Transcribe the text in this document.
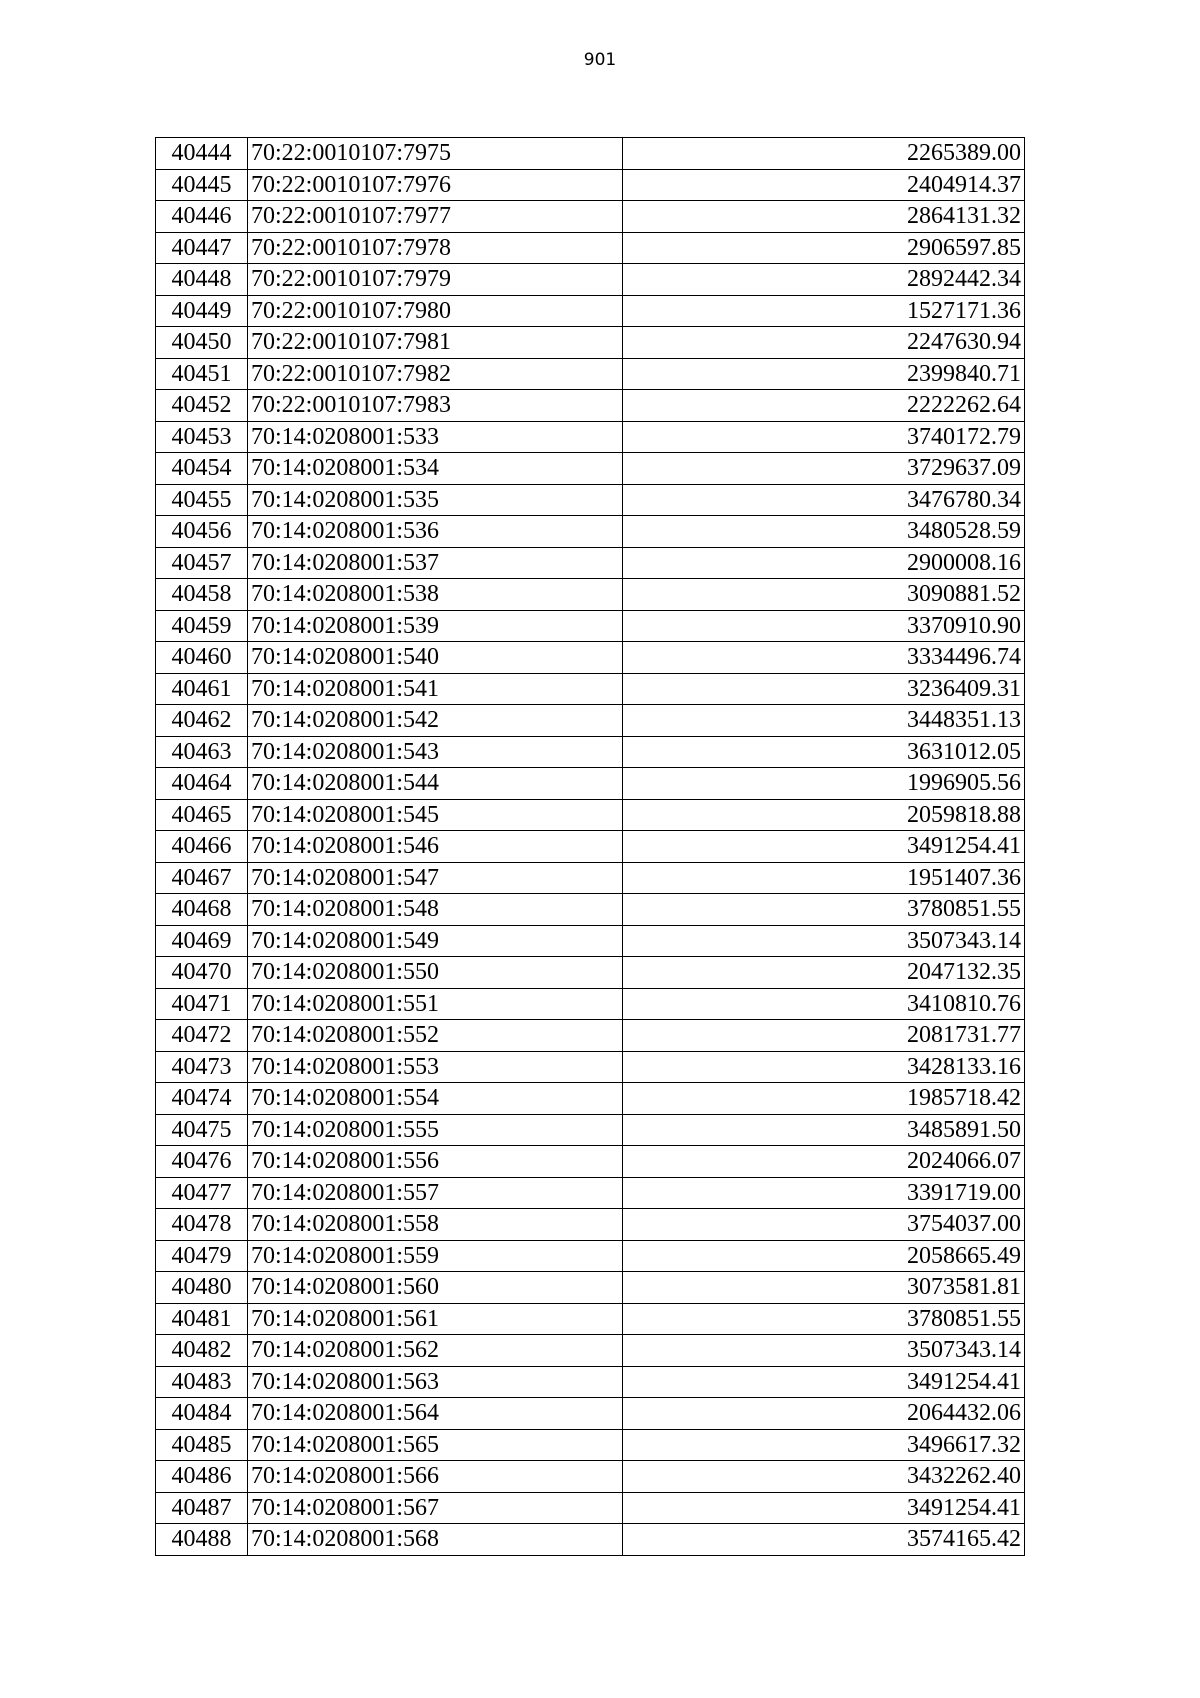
901
40444	70:22:0010107:7975	2265389.00
40445	70:22:0010107:7976	2404914.37
40446	70:22:0010107:7977	2864131.32
40447	70:22:0010107:7978	2906597.85
40448	70:22:0010107:7979	2892442.34
40449	70:22:0010107:7980	1527171.36
40450	70:22:0010107:7981	2247630.94
40451	70:22:0010107:7982	2399840.71
40452	70:22:0010107:7983	2222262.64
40453	70:14:0208001:533	3740172.79
40454	70:14:0208001:534	3729637.09
40455	70:14:0208001:535	3476780.34
40456	70:14:0208001:536	3480528.59
40457	70:14:0208001:537	2900008.16
40458	70:14:0208001:538	3090881.52
40459	70:14:0208001:539	3370910.90
40460	70:14:0208001:540	3334496.74
40461	70:14:0208001:541	3236409.31
40462	70:14:0208001:542	3448351.13
40463	70:14:0208001:543	3631012.05
40464	70:14:0208001:544	1996905.56
40465	70:14:0208001:545	2059818.88
40466	70:14:0208001:546	3491254.41
40467	70:14:0208001:547	1951407.36
40468	70:14:0208001:548	3780851.55
40469	70:14:0208001:549	3507343.14
40470	70:14:0208001:550	2047132.35
40471	70:14:0208001:551	3410810.76
40472	70:14:0208001:552	2081731.77
40473	70:14:0208001:553	3428133.16
40474	70:14:0208001:554	1985718.42
40475	70:14:0208001:555	3485891.50
40476	70:14:0208001:556	2024066.07
40477	70:14:0208001:557	3391719.00
40478	70:14:0208001:558	3754037.00
40479	70:14:0208001:559	2058665.49
40480	70:14:0208001:560	3073581.81
40481	70:14:0208001:561	3780851.55
40482	70:14:0208001:562	3507343.14
40483	70:14:0208001:563	3491254.41
40484	70:14:0208001:564	2064432.06
40485	70:14:0208001:565	3496617.32
40486	70:14:0208001:566	3432262.40
40487	70:14:0208001:567	3491254.41
40488	70:14:0208001:568	3574165.42
